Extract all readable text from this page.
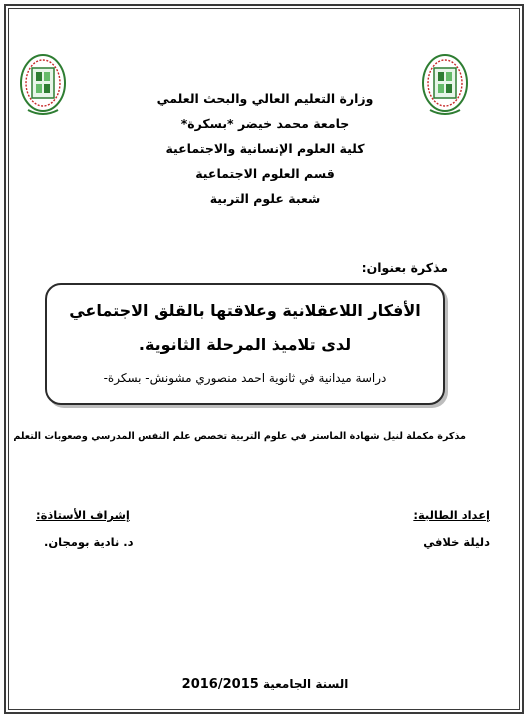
وزارة التعليم العالي والبحث العلمي
جامعة محمد خيضر *بسكرة*
كلية العلوم الإنسانية والاجتماعية
قسم العلوم الاجتماعية
شعبة علوم التربية
مذكرة بعنوان:
الأفكار اللاعقلانية وعلاقتها بالقلق الاجتماعي
لدى تلاميذ المرحلة الثانوية.
دراسة ميدانية في ثانوية احمد منصوري مشونش- بسكرة-
مذكرة مكملة لنيل شهادة الماستر في علوم التربية تخصص علم النفس المدرسي وصعوبات التعلم
إعداد الطالبة:
دليلة خلافي
إشراف الأستاذة:
د. نادية بومجان.
السنة الجامعية 2016/2015
